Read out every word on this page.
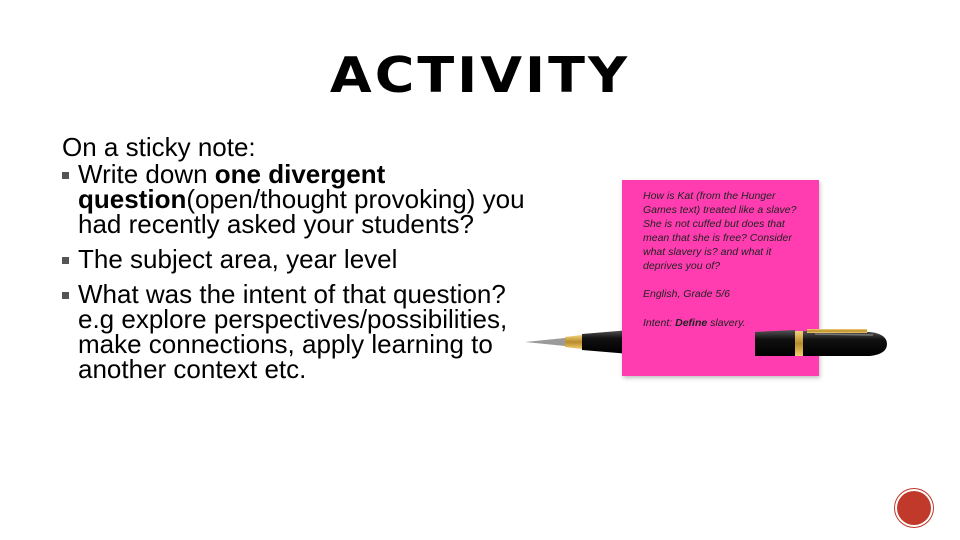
ACTIVITY

On a sticky note:

Write down one divergent question(open/thought provoking) you had recently asked your students?
The subject area, year level
What was the intent of that question? e.g explore perspectives/possibilities, make connections, apply learning to another context etc.

How is Kat (from the Hunger Games text) treated like a slave? She is not cuffed but does that mean that she is free? Consider what slavery is? and what it deprives you of?

English, Grade 5/6

Intent: Define slavery.
